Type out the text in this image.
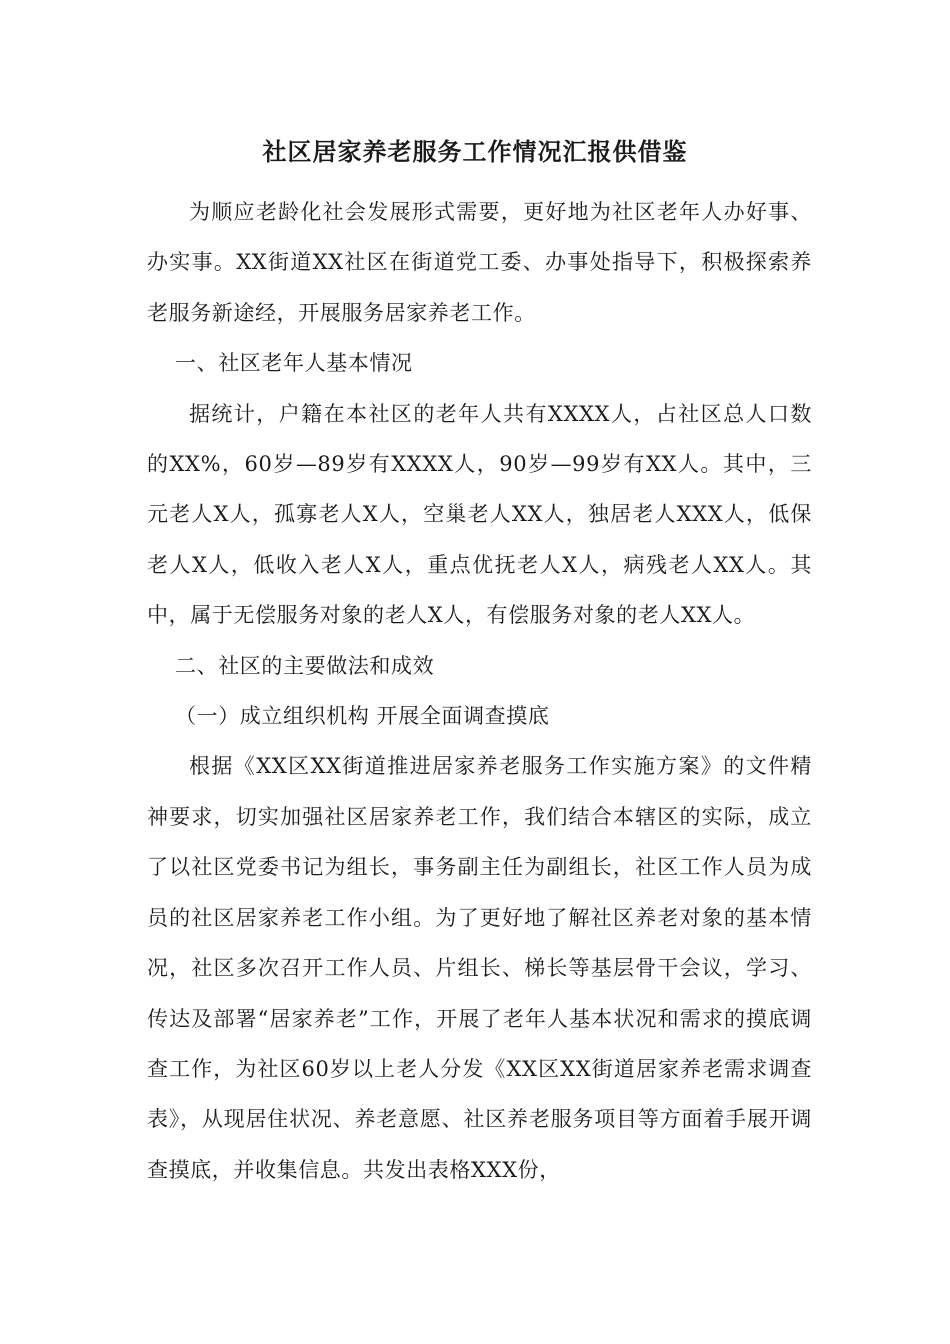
社区居家养老服务工作情况汇报供借鉴

为顺应老龄化社会发展形式需要，更好地为社区老年人办好事、办实事。XX街道XX社区在街道党工委、办事处指导下，积极探索养老服务新途经，开展服务居家养老工作。

一、社区老年人基本情况

据统计，户籍在本社区的老年人共有XXXX人，占社区总人口数的XX%，60岁—89岁有XXXX人，90岁—99岁有XX人。其中，三元老人X人，孤寡老人X人，空巢老人XX人，独居老人XXX人，低保老人X人，低收入老人X人，重点优抚老人X人，病残老人XX人。其中，属于无偿服务对象的老人X人，有偿服务对象的老人XX人。

二、社区的主要做法和成效

（一）成立组织机构 开展全面调查摸底

根据《XX区XX街道推进居家养老服务工作实施方案》的文件精神要求，切实加强社区居家养老工作，我们结合本辖区的实际，成立了以社区党委书记为组长，事务副主任为副组长，社区工作人员为成员的社区居家养老工作小组。为了更好地了解社区养老对象的基本情况，社区多次召开工作人员、片组长、梯长等基层骨干会议，学习、传达及部署“居家养老”工作，开展了老年人基本状况和需求的摸底调查工作，为社区60岁以上老人分发《XX区XX街道居家养老需求调查表》，从现居住状况、养老意愿、社区养老服务项目等方面着手展开调查摸底，并收集信息。共发出表格XXX份，
